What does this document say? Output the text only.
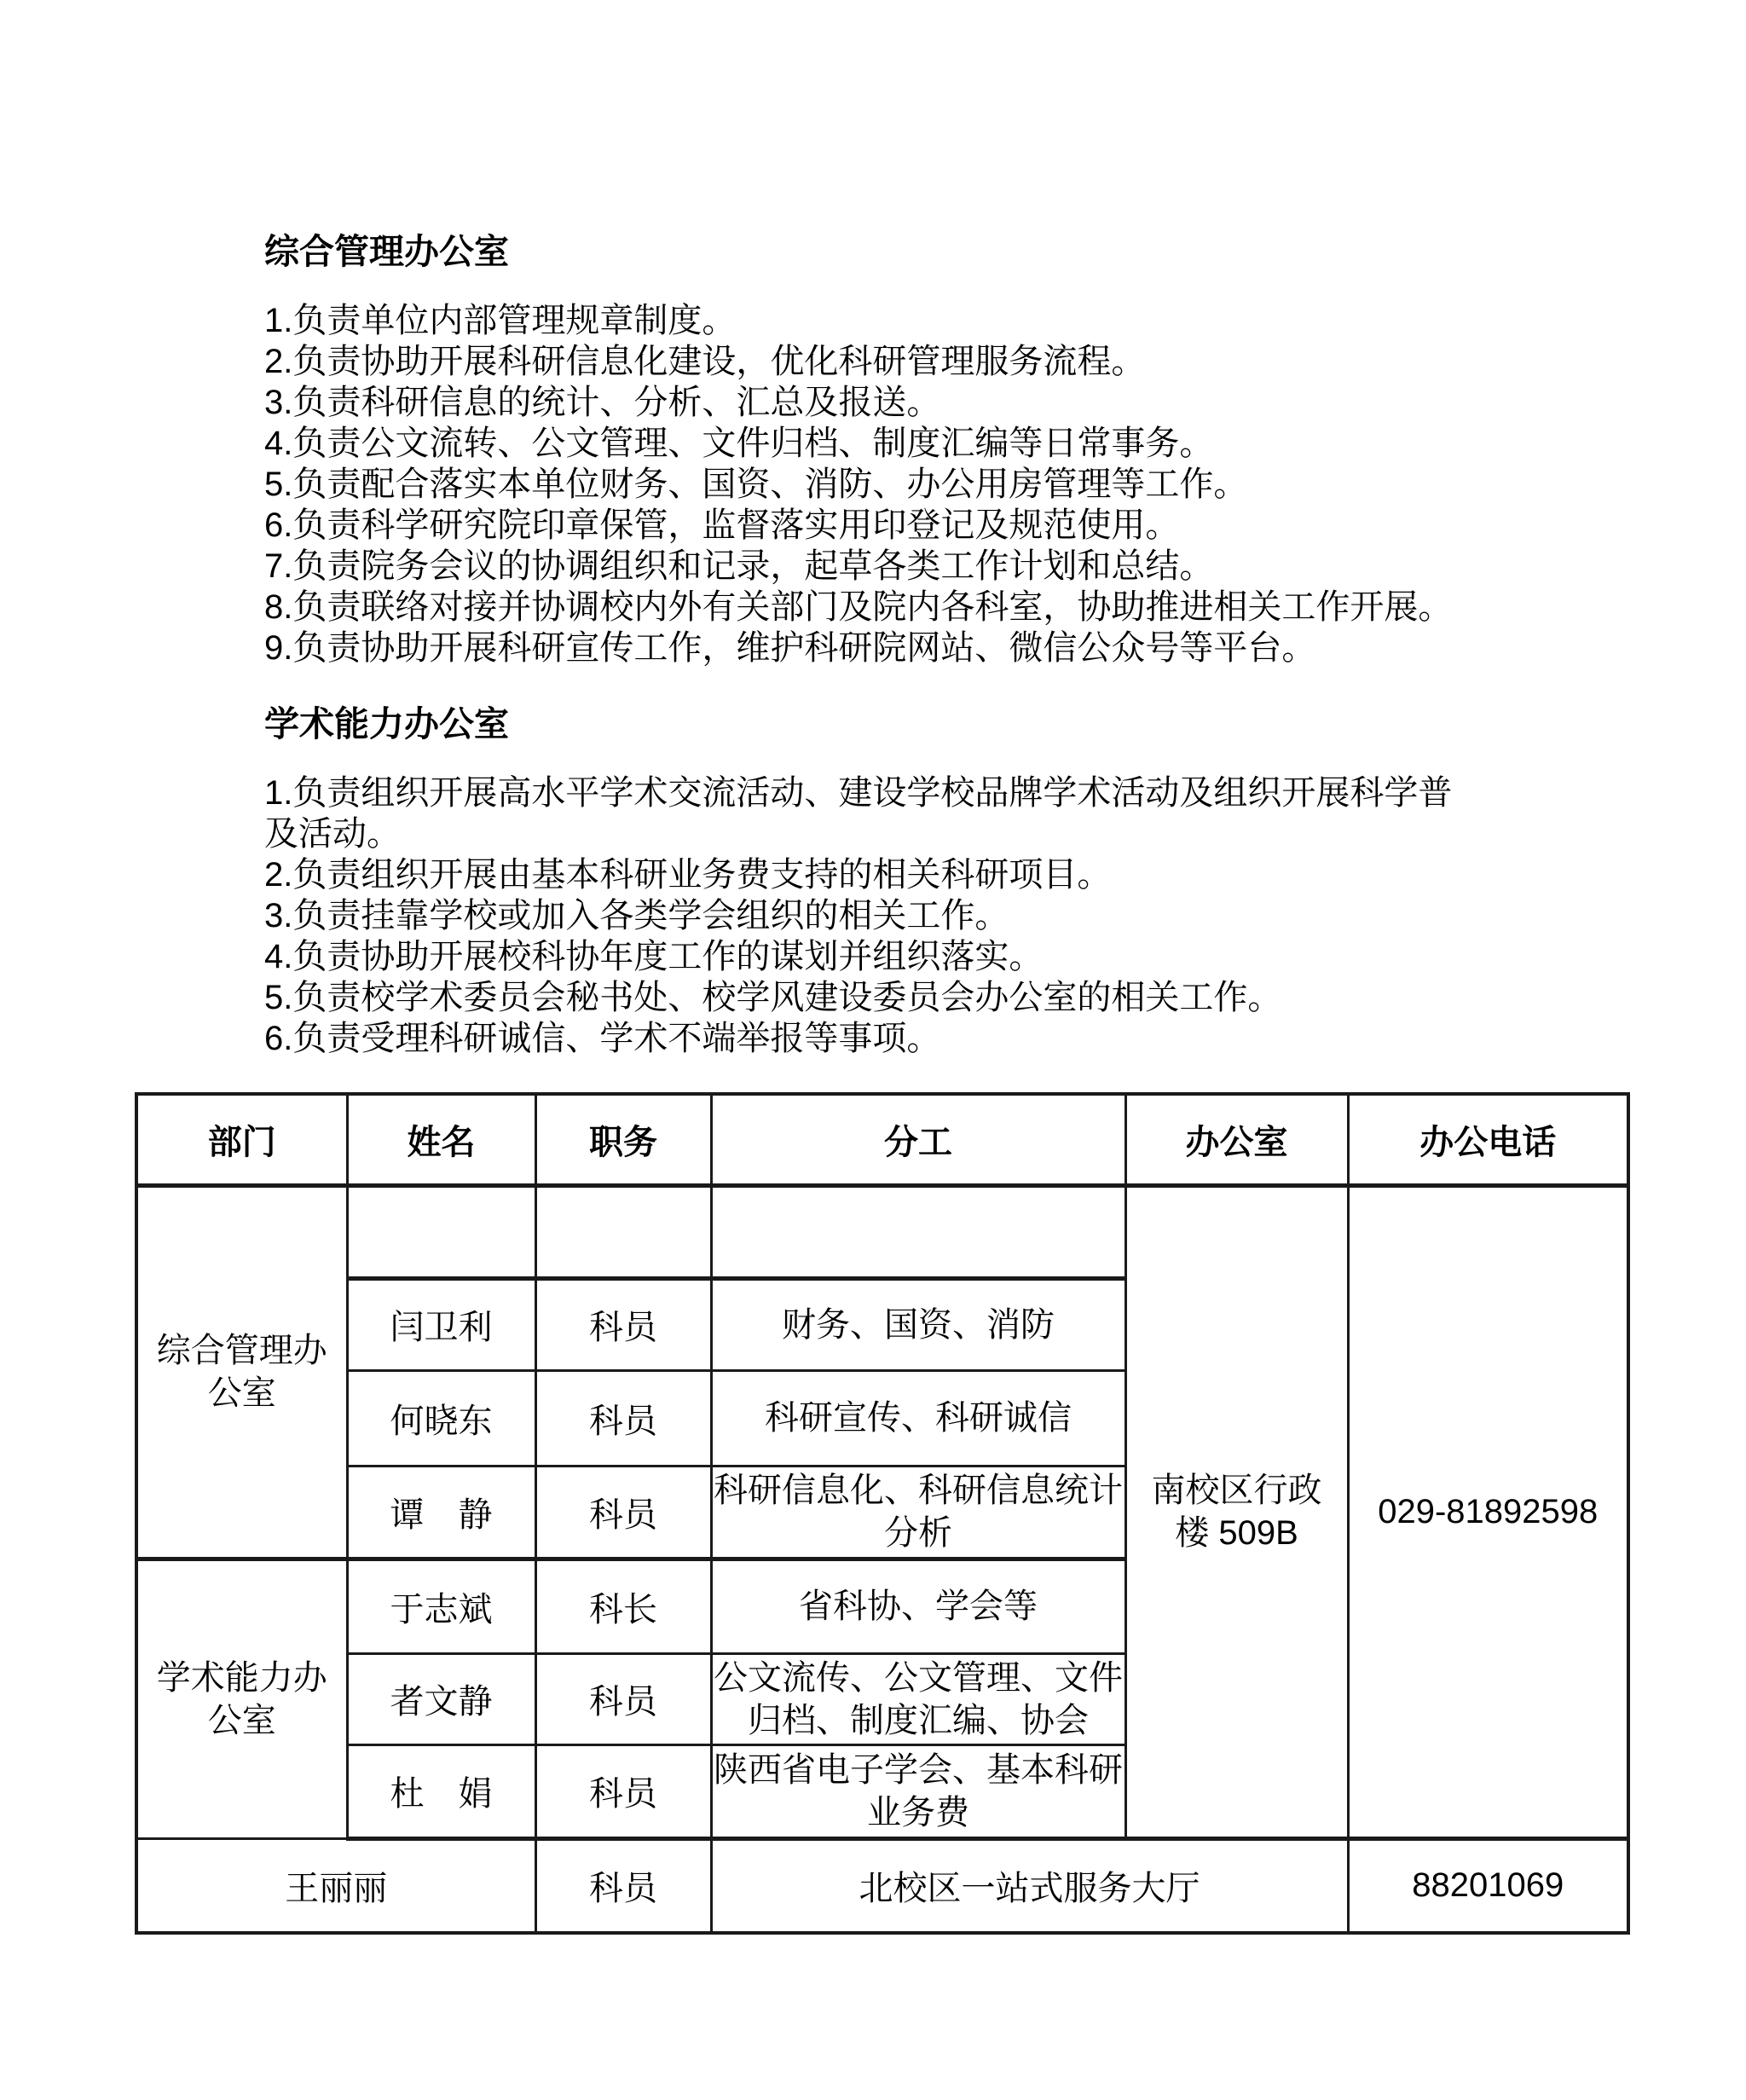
综合管理办公室
1.负责单位内部管理规章制度。
2.负责协助开展科研信息化建设，优化科研管理服务流程。
3.负责科研信息的统计、分析、汇总及报送。
4.负责公文流转、公文管理、文件归档、制度汇编等日常事务。
5.负责配合落实本单位财务、国资、消防、办公用房管理等工作。
6.负责科学研究院印章保管，监督落实用印登记及规范使用。
7.负责院务会议的协调组织和记录，起草各类工作计划和总结。
8.负责联络对接并协调校内外有关部门及院内各科室，协助推进相关工作开展。
9.负责协助开展科研宣传工作，维护科研院网站、微信公众号等平台。
学术能力办公室
1.负责组织开展高水平学术交流活动、建设学校品牌学术活动及组织开展科学普及活动。
2.负责组织开展由基本科研业务费支持的相关科研项目。
3.负责挂靠学校或加入各类学会组织的相关工作。
4.负责协助开展校科协年度工作的谋划并组织落实。
5.负责校学术委员会秘书处、校学风建设委员会办公室的相关工作。
6.负责受理科研诚信、学术不端举报等事项。
部门	姓名	职务	分工	办公室	办公电话
综合管理办公室				南校区行政楼 509B	029-81892598
	闫卫利	科员	财务、国资、消防		
	何晓东	科员	科研宣传、科研诚信		
	谭　静	科员	科研信息化、科研信息统计分析		
学术能力办公室	于志斌	科长	省科协、学会等		
	者文静	科员	公文流传、公文管理、文件归档、制度汇编、协会		
	杜　娟	科员	陕西省电子学会、基本科研业务费		
王丽丽		科员	北校区一站式服务大厅		88201069
